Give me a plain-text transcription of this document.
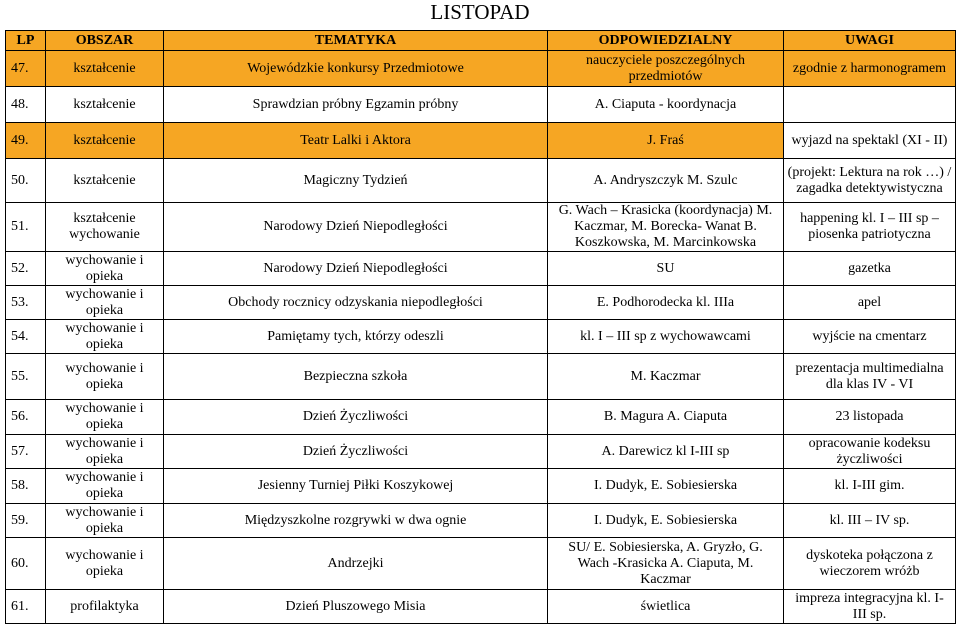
LISTOPAD
LP	OBSZAR	TEMATYKA	ODPOWIEDZIALNY	UWAGI
47.	kształcenie	Wojewódzkie konkursy Przedmiotowe	nauczyciele poszczególnych przedmiotów	zgodnie z harmonogramem
48.	kształcenie	Sprawdzian próbny Egzamin próbny	A. Ciaputa - koordynacja	
49.	kształcenie	Teatr Lalki i Aktora	J. Fraś	wyjazd na spektakl (XI - II)
50.	kształcenie	Magiczny Tydzień	A. Andryszczyk M. Szulc	(projekt: Lektura na rok …) / zagadka detektywistyczna
51.	kształcenie wychowanie	Narodowy Dzień Niepodległości	G. Wach – Krasicka (koordynacja) M. Kaczmar, M. Borecka- Wanat B. Koszkowska, M. Marcinkowska	happening kl. I – III sp – piosenka patriotyczna
52.	wychowanie i opieka	Narodowy Dzień Niepodległości	SU	gazetka
53.	wychowanie i opieka	Obchody rocznicy odzyskania niepodległości	E. Podhorodecka kl. IIIa	apel
54.	wychowanie i opieka	Pamiętamy tych, którzy odeszli	kl. I – III sp z wychowawcami	wyjście na cmentarz
55.	wychowanie i opieka	Bezpieczna szkoła	M. Kaczmar	prezentacja multimedialna dla klas IV - VI
56.	wychowanie i opieka	Dzień Życzliwości	B. Magura A. Ciaputa	23 listopada
57.	wychowanie i opieka	Dzień Życzliwości	A. Darewicz kl I-III sp	opracowanie kodeksu życzliwości
58.	wychowanie i opieka	Jesienny Turniej Piłki Koszykowej	I. Dudyk, E. Sobiesierska	kl. I-III gim.
59.	wychowanie i opieka	Międzyszkolne rozgrywki w dwa ognie	I. Dudyk, E. Sobiesierska	kl. III – IV sp.
60.	wychowanie i opieka	Andrzejki	SU/ E. Sobiesierska, A. Gryzło, G. Wach -Krasicka A. Ciaputa, M. Kaczmar	dyskoteka połączona z wieczorem wróżb
61.	profilaktyka	Dzień Pluszowego Misia	świetlica	impreza integracyjna kl. I- III sp.
